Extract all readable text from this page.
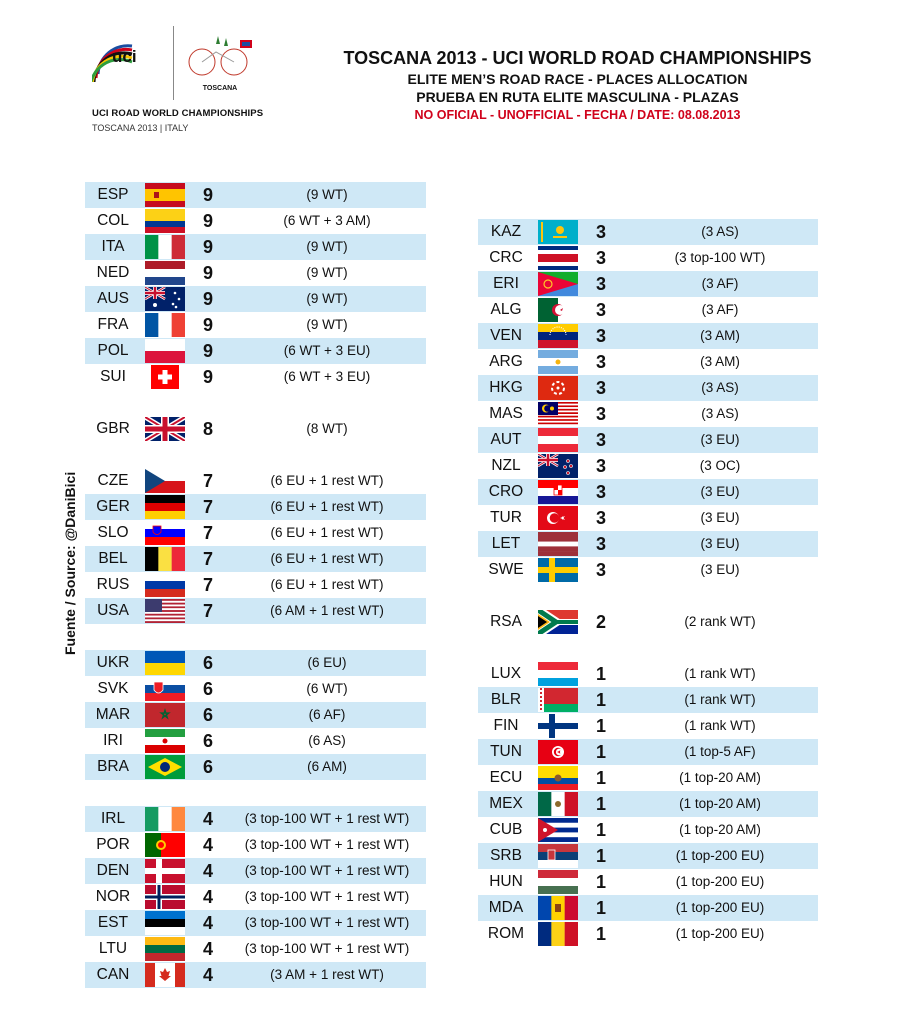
uci
TOSCANA
UCI ROAD WORLD CHAMPIONSHIPS
TOSCANA 2013 | ITALY
TOSCANA 2013 - UCI WORLD ROAD CHAMPIONSHIPS
ELITE MEN’S ROAD RACE - PLACES ALLOCATION
PRUEBA EN RUTA ELITE MASCULINA - PLAZAS
NO OFICIAL - UNOFFICIAL - FECHA / DATE: 08.08.2013
Fuente / Source: @DaniBici
ESP	9	(9 WT)
COL	9	(6 WT + 3 AM)
ITA	9	(9 WT)
NED	9	(9 WT)
AUS	9	(9 WT)
FRA	9	(9 WT)
POL	9	(6 WT + 3 EU)
SUI	9	(6 WT + 3 EU)
GBR	8	(8 WT)
CZE	7	(6 EU + 1 rest WT)
GER	7	(6 EU + 1 rest WT)
SLO	7	(6 EU + 1 rest WT)
BEL	7	(6 EU + 1 rest WT)
RUS	7	(6 EU + 1 rest WT)
USA	7	(6 AM + 1 rest WT)
UKR	6	(6 EU)
SVK	6	(6 WT)
MAR	6	(6 AF)
IRI	6	(6 AS)
BRA	6	(6 AM)
IRL	4	(3 top-100 WT + 1 rest WT)
POR	4	(3 top-100 WT + 1 rest WT)
DEN	4	(3 top-100 WT + 1 rest WT)
NOR	4	(3 top-100 WT + 1 rest WT)
EST	4	(3 top-100 WT + 1 rest WT)
LTU	4	(3 top-100 WT + 1 rest WT)
CAN	4	(3 AM + 1 rest WT)
KAZ	3	(3 AS)
CRC	3	(3 top-100 WT)
ERI	3	(3 AF)
ALG	3	(3 AF)
VEN	3	(3 AM)
ARG	3	(3 AM)
HKG	3	(3 AS)
MAS	3	(3 AS)
AUT	3	(3 EU)
NZL	3	(3 OC)
CRO	3	(3 EU)
TUR	3	(3 EU)
LET	3	(3 EU)
SWE	3	(3 EU)
RSA	2	(2 rank WT)
LUX	1	(1 rank WT)
BLR	1	(1 rank WT)
FIN	1	(1 rank WT)
TUN	1	(1 top-5 AF)
ECU	1	(1 top-20 AM)
MEX	1	(1 top-20 AM)
CUB	1	(1 top-20 AM)
SRB	1	(1 top-200 EU)
HUN	1	(1 top-200 EU)
MDA	1	(1 top-200 EU)
ROM	1	(1 top-200 EU)
